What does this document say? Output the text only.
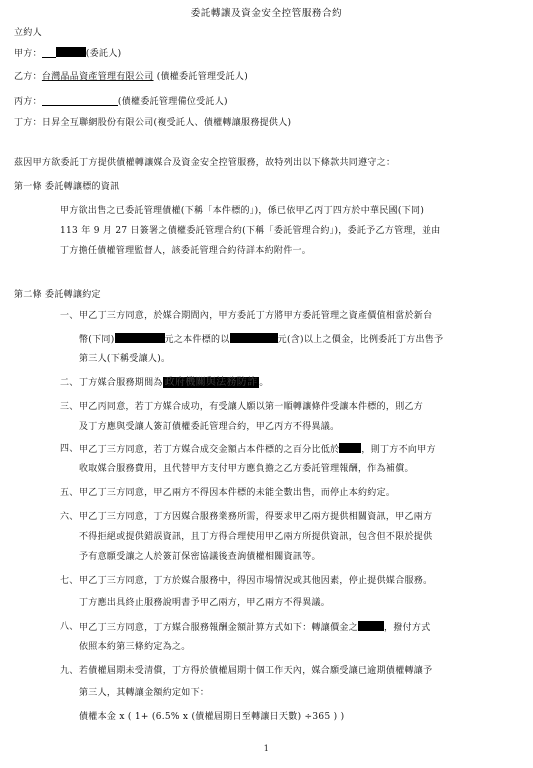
委託轉讓及資金安全控管服務合約
立約人
甲方：	(委託人)
乙方：台灣晶品資產管理有限公司 (債權委託管理受託人)
丙方：	(債權委託管理備位受託人)
丁方：日昇全互聯網股份有限公司(複受託人、債權轉讓服務提供人)
茲因甲方欲委託丁方提供債權轉讓媒合及資金安全控管服務，故特列出以下條款共同遵守之：
第一條 委託轉讓標的資訊
甲方欲出售之已委託管理債權(下稱「本件標的」)，係已依甲乙丙丁四方於中華民國(下同)
113 年 9 月 27 日簽署之債權委託管理合約(下稱「委託管理合約」)，委託予乙方管理，並由
丁方擔任債權管理監督人，該委託管理合約待詳本約附件一。
第二條 委託轉讓約定
一、 甲乙丁三方同意，於媒合期間內，甲方委託丁方將甲方委託管理之資產價值相當於新台
幣(下同)	元之本件標的以	元(含)以上之價金，比例委託丁方出售予
第三人(下稱受讓人)。
二、 丁方媒合服務期間為 政府機關與法務防詐 。
三、 甲乙丙同意，若丁方媒合成功，有受讓人願以第一順轉讓條件受讓本件標的，則乙方
及丁方應與受讓人簽訂債權委託管理合約，甲乙丙方不得異議。
四、 甲乙丁三方同意，若丁方媒合成交金額占本件標的之百分比低於 ，則丁方不向甲方
收取媒合服務費用，且代替甲方支付甲方應負擔之乙方委託管理報酬，作為補償。
五、 甲乙丁三方同意，甲乙兩方不得因本件標的未能全數出售，而停止本約約定。
六、 甲乙丁三方同意，丁方因媒合服務業務所需，得要求甲乙兩方提供相關資訊，甲乙兩方
不得拒絕或提供錯誤資訊，且丁方得合理使用甲乙兩方所提供資訊，包含但不限於提供
予有意願受讓之人於簽訂保密協議後查詢債權相關資訊等。
七、 甲乙丁三方同意，丁方於媒合服務中，得因市場情況或其他因素，停止提供媒合服務。
丁方應出具終止服務說明書予甲乙兩方，甲乙兩方不得異議。
八、 甲乙丁三方同意，丁方媒合服務報酬金額計算方式如下：轉讓價金之	，撥付方式
依照本約第三條約定為之。
九、 若債權屆期未受清償，丁方得於債權屆期十個工作天內，媒合願受讓已逾期債權轉讓予
第三人，其轉讓金額約定如下：
債權本金 x ( 1+ (6.5% x (債權屆期日至轉讓日天數) ÷365 ) )
1
